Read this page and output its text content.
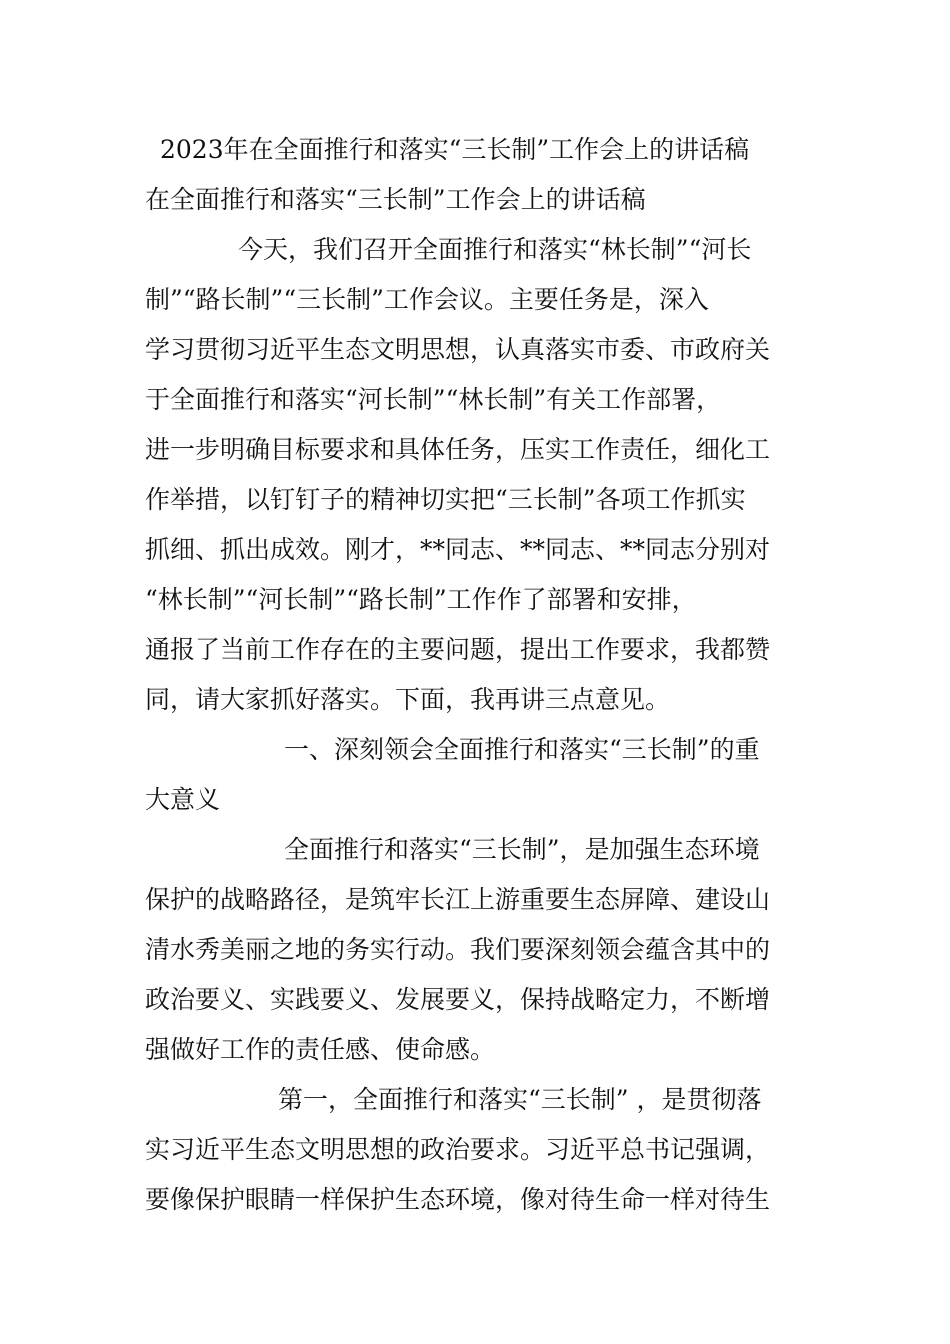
2023年在全面推行和落实“三长制”工作会上的讲话稿
在全面推行和落实“三长制”工作会上的讲话稿
今天，我们召开全面推行和落实“林长制”“河长
制”“路长制”“三长制”工作会议。主要任务是，深入
学习贯彻习近平生态文明思想，认真落实市委、市政府关
于全面推行和落实“河长制”“林长制”有关工作部署，
进一步明确目标要求和具体任务，压实工作责任，细化工
作举措，以钉钉子的精神切实把“三长制”各项工作抓实
抓细、抓出成效。刚才，**同志、**同志、**同志分别对
“林长制”“河长制”“路长制”工作作了部署和安排，
通报了当前工作存在的主要问题，提出工作要求，我都赞
同，请大家抓好落实。下面，我再讲三点意见。
一、深刻领会全面推行和落实“三长制”的重
大意义
全面推行和落实“三长制”，是加强生态环境
保护的战略路径，是筑牢长江上游重要生态屏障、建设山
清水秀美丽之地的务实行动。我们要深刻领会蕴含其中的
政治要义、实践要义、发展要义，保持战略定力，不断增
强做好工作的责任感、使命感。
第一，全面推行和落实“三长制” ，是贯彻落
实习近平生态文明思想的政治要求。习近平总书记强调，
要像保护眼睛一样保护生态环境，像对待生命一样对待生
